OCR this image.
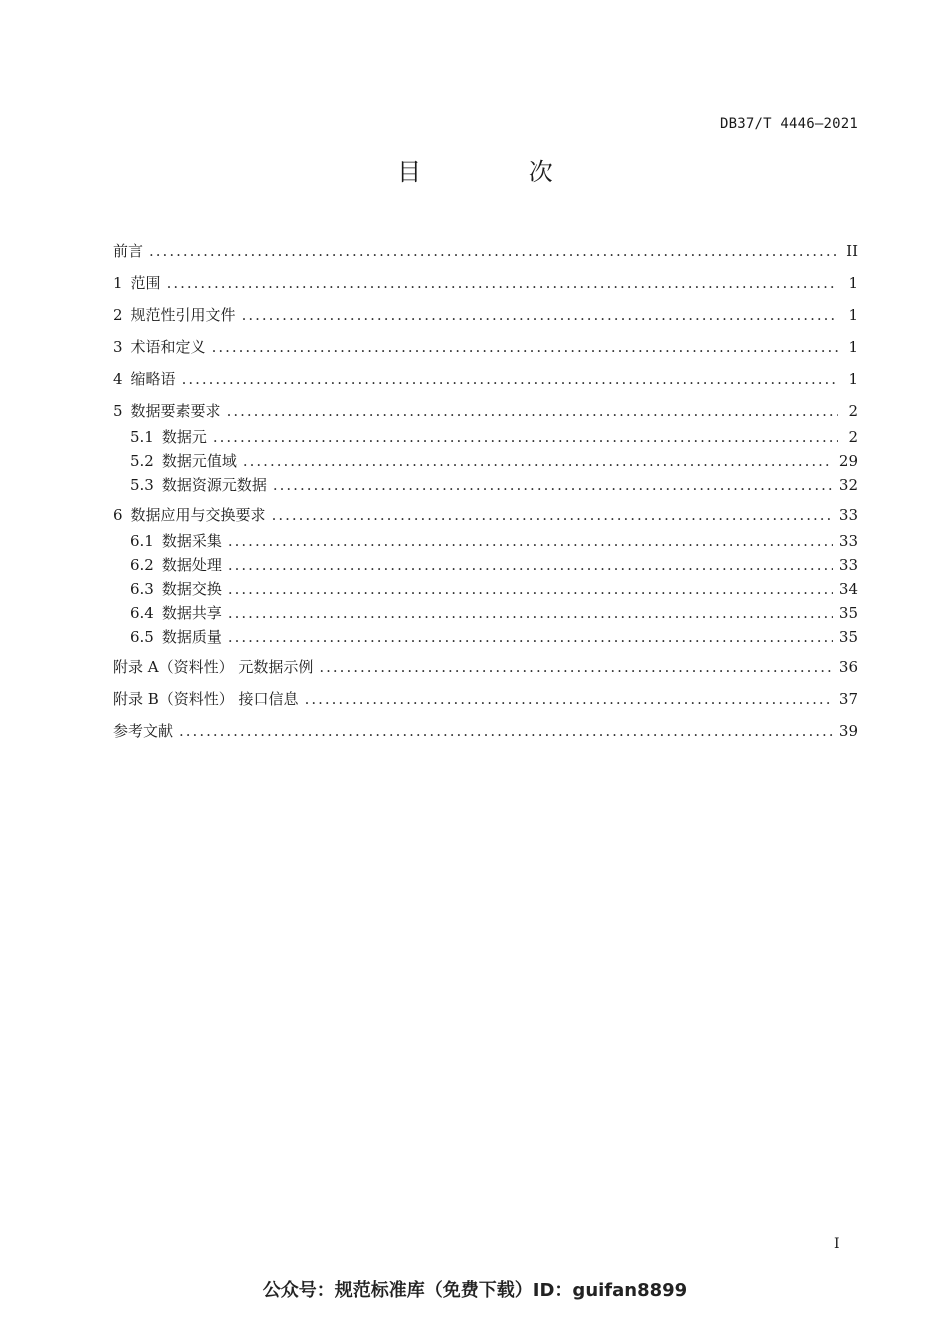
DB37/T 4446—2021
目 次
前言 .....	II
1 范围 .....	1
2 规范性引用文件 .....	1
3 术语和定义 .....	1
4 缩略语 .....	1
5 数据要素要求 .....	2
5.1 数据元 .....	2
5.2 数据元值域 .....	29
5.3 数据资源元数据 .....	32
6 数据应用与交换要求 .....	33
6.1 数据采集 .....	33
6.2 数据处理 .....	33
6.3 数据交换 .....	34
6.4 数据共享 .....	35
6.5 数据质量 .....	35
附录 A（资料性） 元数据示例 .....	36
附录 B（资料性） 接口信息 .....	37
参考文献 .....	39
I
公众号：规范标准库（免费下载）ID：guifan8899
